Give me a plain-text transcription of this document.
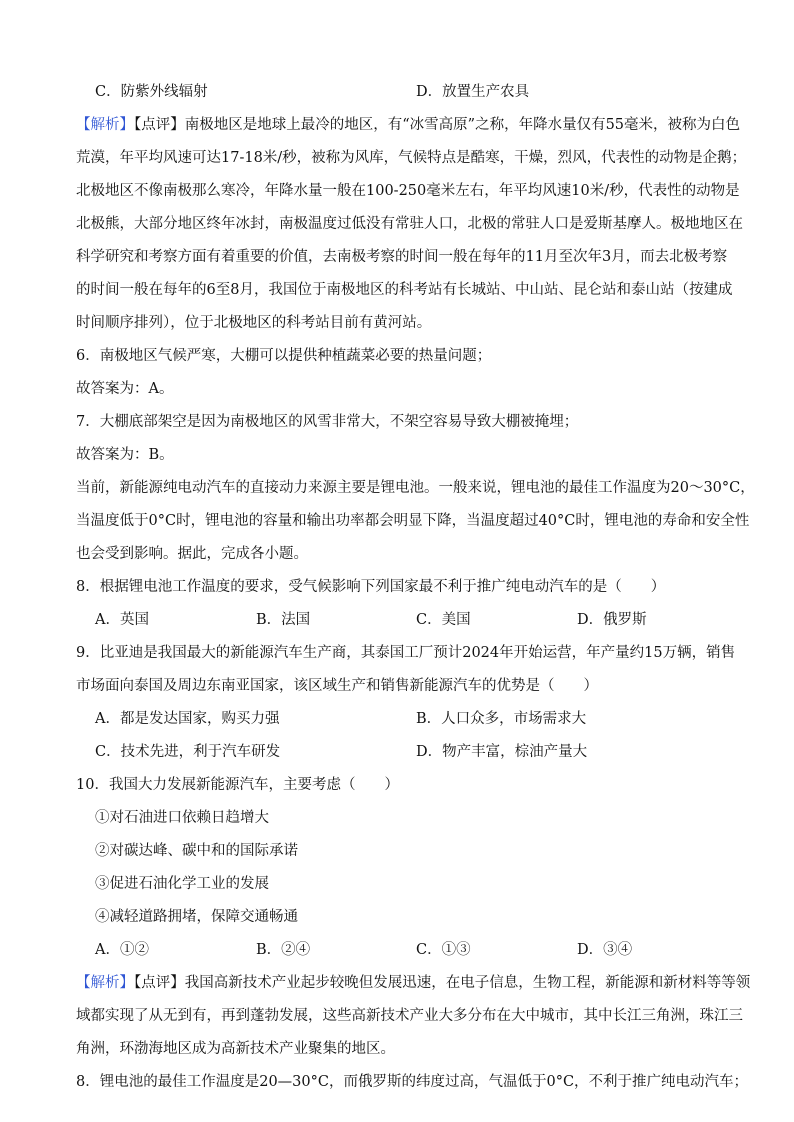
C．防紫外线辐射	D．放置生产农具
【解析】【点评】南极地区是地球上最冷的地区，有“冰雪高原”之称，年降水量仅有55毫米，被称为白色
荒漠，年平均风速可达17-18米/秒，被称为风库，气候特点是酷寒，干燥，烈风，代表性的动物是企鹅；
北极地区不像南极那么寒冷，年降水量一般在100-250毫米左右，年平均风速10米/秒，代表性的动物是
北极熊，大部分地区终年冰封，南极温度过低没有常驻人口，北极的常驻人口是爱斯基摩人。极地地区在
科学研究和考察方面有着重要的价值，去南极考察的时间一般在每年的11月至次年3月，而去北极考察
的时间一般在每年的6至8月，我国位于南极地区的科考站有长城站、中山站、昆仑站和泰山站（按建成
时间顺序排列），位于北极地区的科考站目前有黄河站。
6．南极地区气候严寒，大棚可以提供种植蔬菜必要的热量问题；
故答案为：A。
7．大棚底部架空是因为南极地区的风雪非常大，不架空容易导致大棚被掩埋；
故答案为：B。
当前，新能源纯电动汽车的直接动力来源主要是锂电池。一般来说，锂电池的最佳工作温度为20～30°C，
当温度低于0°C时，锂电池的容量和输出功率都会明显下降，当温度超过40°C时，锂电池的寿命和安全性
也会受到影响。据此，完成各小题。
8．根据锂电池工作温度的要求，受气候影响下列国家最不利于推广纯电动汽车的是（　　）
A．英国	B．法国	C．美国	D．俄罗斯
9．比亚迪是我国最大的新能源汽车生产商，其泰国工厂预计2024年开始运营，年产量约15万辆，销售
市场面向泰国及周边东南亚国家，该区域生产和销售新能源汽车的优势是（　　）
A．都是发达国家，购买力强	B．人口众多，市场需求大
C．技术先进，利于汽车研发	D．物产丰富，棕油产量大
10．我国大力发展新能源汽车，主要考虑（　　）
①对石油进口依赖日趋增大
②对碳达峰、碳中和的国际承诺
③促进石油化学工业的发展
④减轻道路拥堵，保障交通畅通
A．①②	B．②④	C．①③	D．③④
【解析】【点评】我国高新技术产业起步较晚但发展迅速，在电子信息，生物工程，新能源和新材料等等领
域都实现了从无到有，再到蓬勃发展，这些高新技术产业大多分布在大中城市，其中长江三角洲，珠江三
角洲，环渤海地区成为高新技术产业聚集的地区。
8．锂电池的最佳工作温度是20—30°C，而俄罗斯的纬度过高，气温低于0°C，不利于推广纯电动汽车；
